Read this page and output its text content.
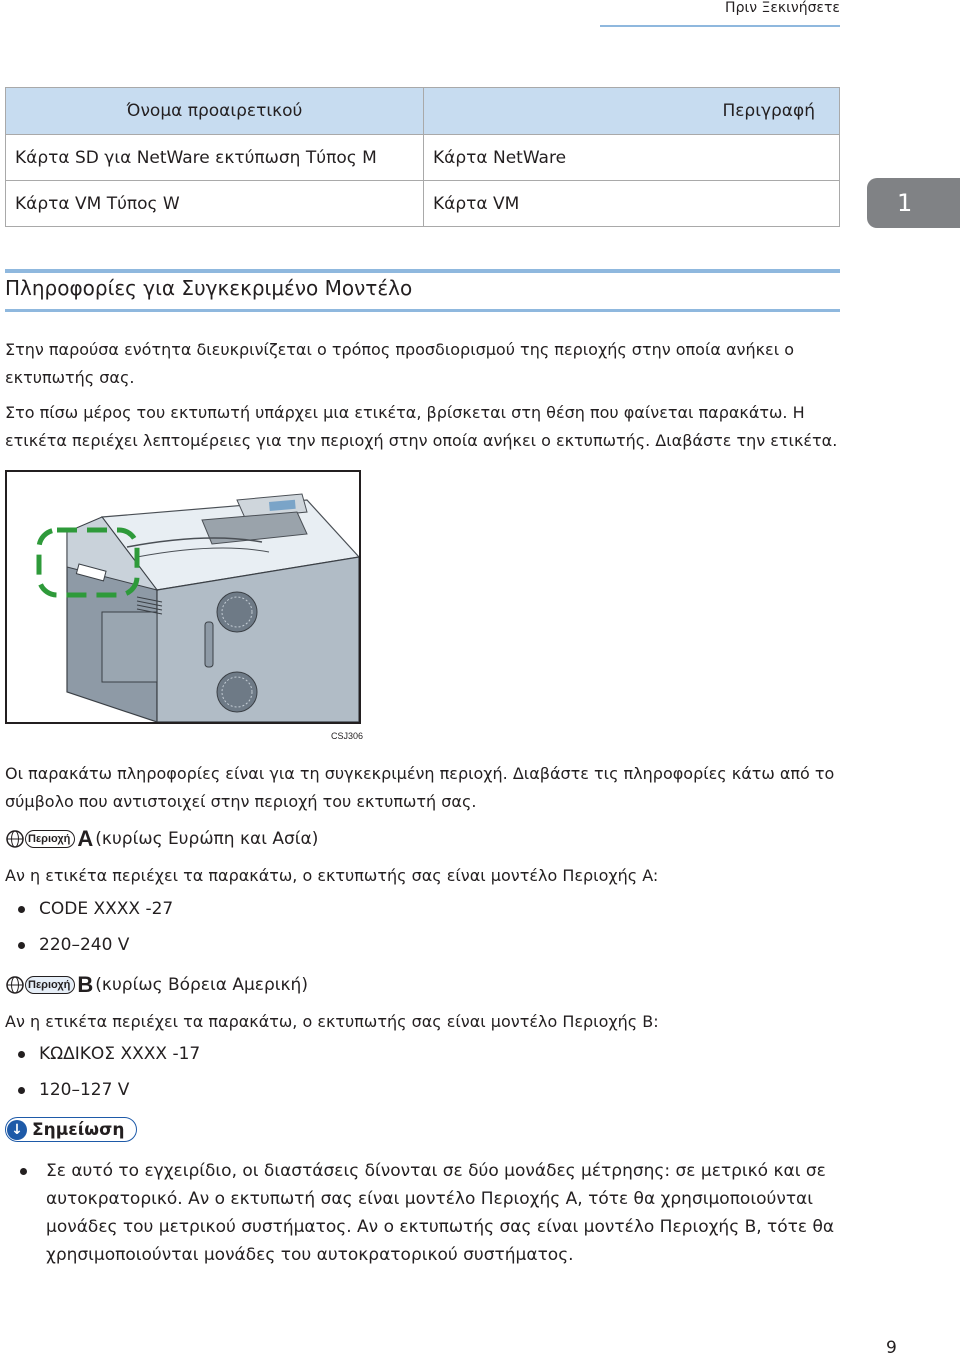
Πριν Ξεκινήσετε
Όνομα προαιρετικού	Περιγραφή
Κάρτα SD για NetWare εκτύπωση Τύπος M	Κάρτα NetWare
Κάρτα VM Τύπος W	Κάρτα VM	1
Πληροφορίες για Συγκεκριμένο Μοντέλο

Στην παρούσα ενότητα διευκρινίζεται ο τρόπος προσδιορισμού της περιοχής στην οποία ανήκει ο εκτυπωτής σας.

Στο πίσω μέρος του εκτυπωτή υπάρχει μια ετικέτα, βρίσκεται στη θέση που φαίνεται παρακάτω. Η ετικέτα περιέχει λεπτομέρειες για την περιοχή στην οποία ανήκει ο εκτυπωτής. Διαβάστε την ετικέτα.

CSJ306

Οι παρακάτω πληροφορίες είναι για τη συγκεκριμένη περιοχή. Διαβάστε τις πληροφορίες κάτω από το σύμβολο που αντιστοιχεί στην περιοχή του εκτυπωτή σας.

Περιοχή A (κυρίως Ευρώπη και Ασία)

Αν η ετικέτα περιέχει τα παρακάτω, ο εκτυπωτής σας είναι μοντέλο Περιοχής A:

CODE XXXX -27
220–240 V
Περιοχή B (κυρίως Βόρεια Αμερική)

Αν η ετικέτα περιέχει τα παρακάτω, ο εκτυπωτής σας είναι μοντέλο Περιοχής B:

ΚΩΔΙΚΟΣ XXXX -17
120–127 V
↓ Σημείωση

Σε αυτό το εγχειρίδιο, οι διαστάσεις δίνονται σε δύο μονάδες μέτρησης: σε μετρικό και σε αυτοκρατορικό. Αν ο εκτυπωτή σας είναι μοντέλο Περιοχής A, τότε θα χρησιμοποιούνται μονάδες του μετρικού συστήματος. Αν ο εκτυπωτής σας είναι μοντέλο Περιοχής B, τότε θα χρησιμοποιούνται μονάδες του αυτοκρατορικού συστήματος.

9
